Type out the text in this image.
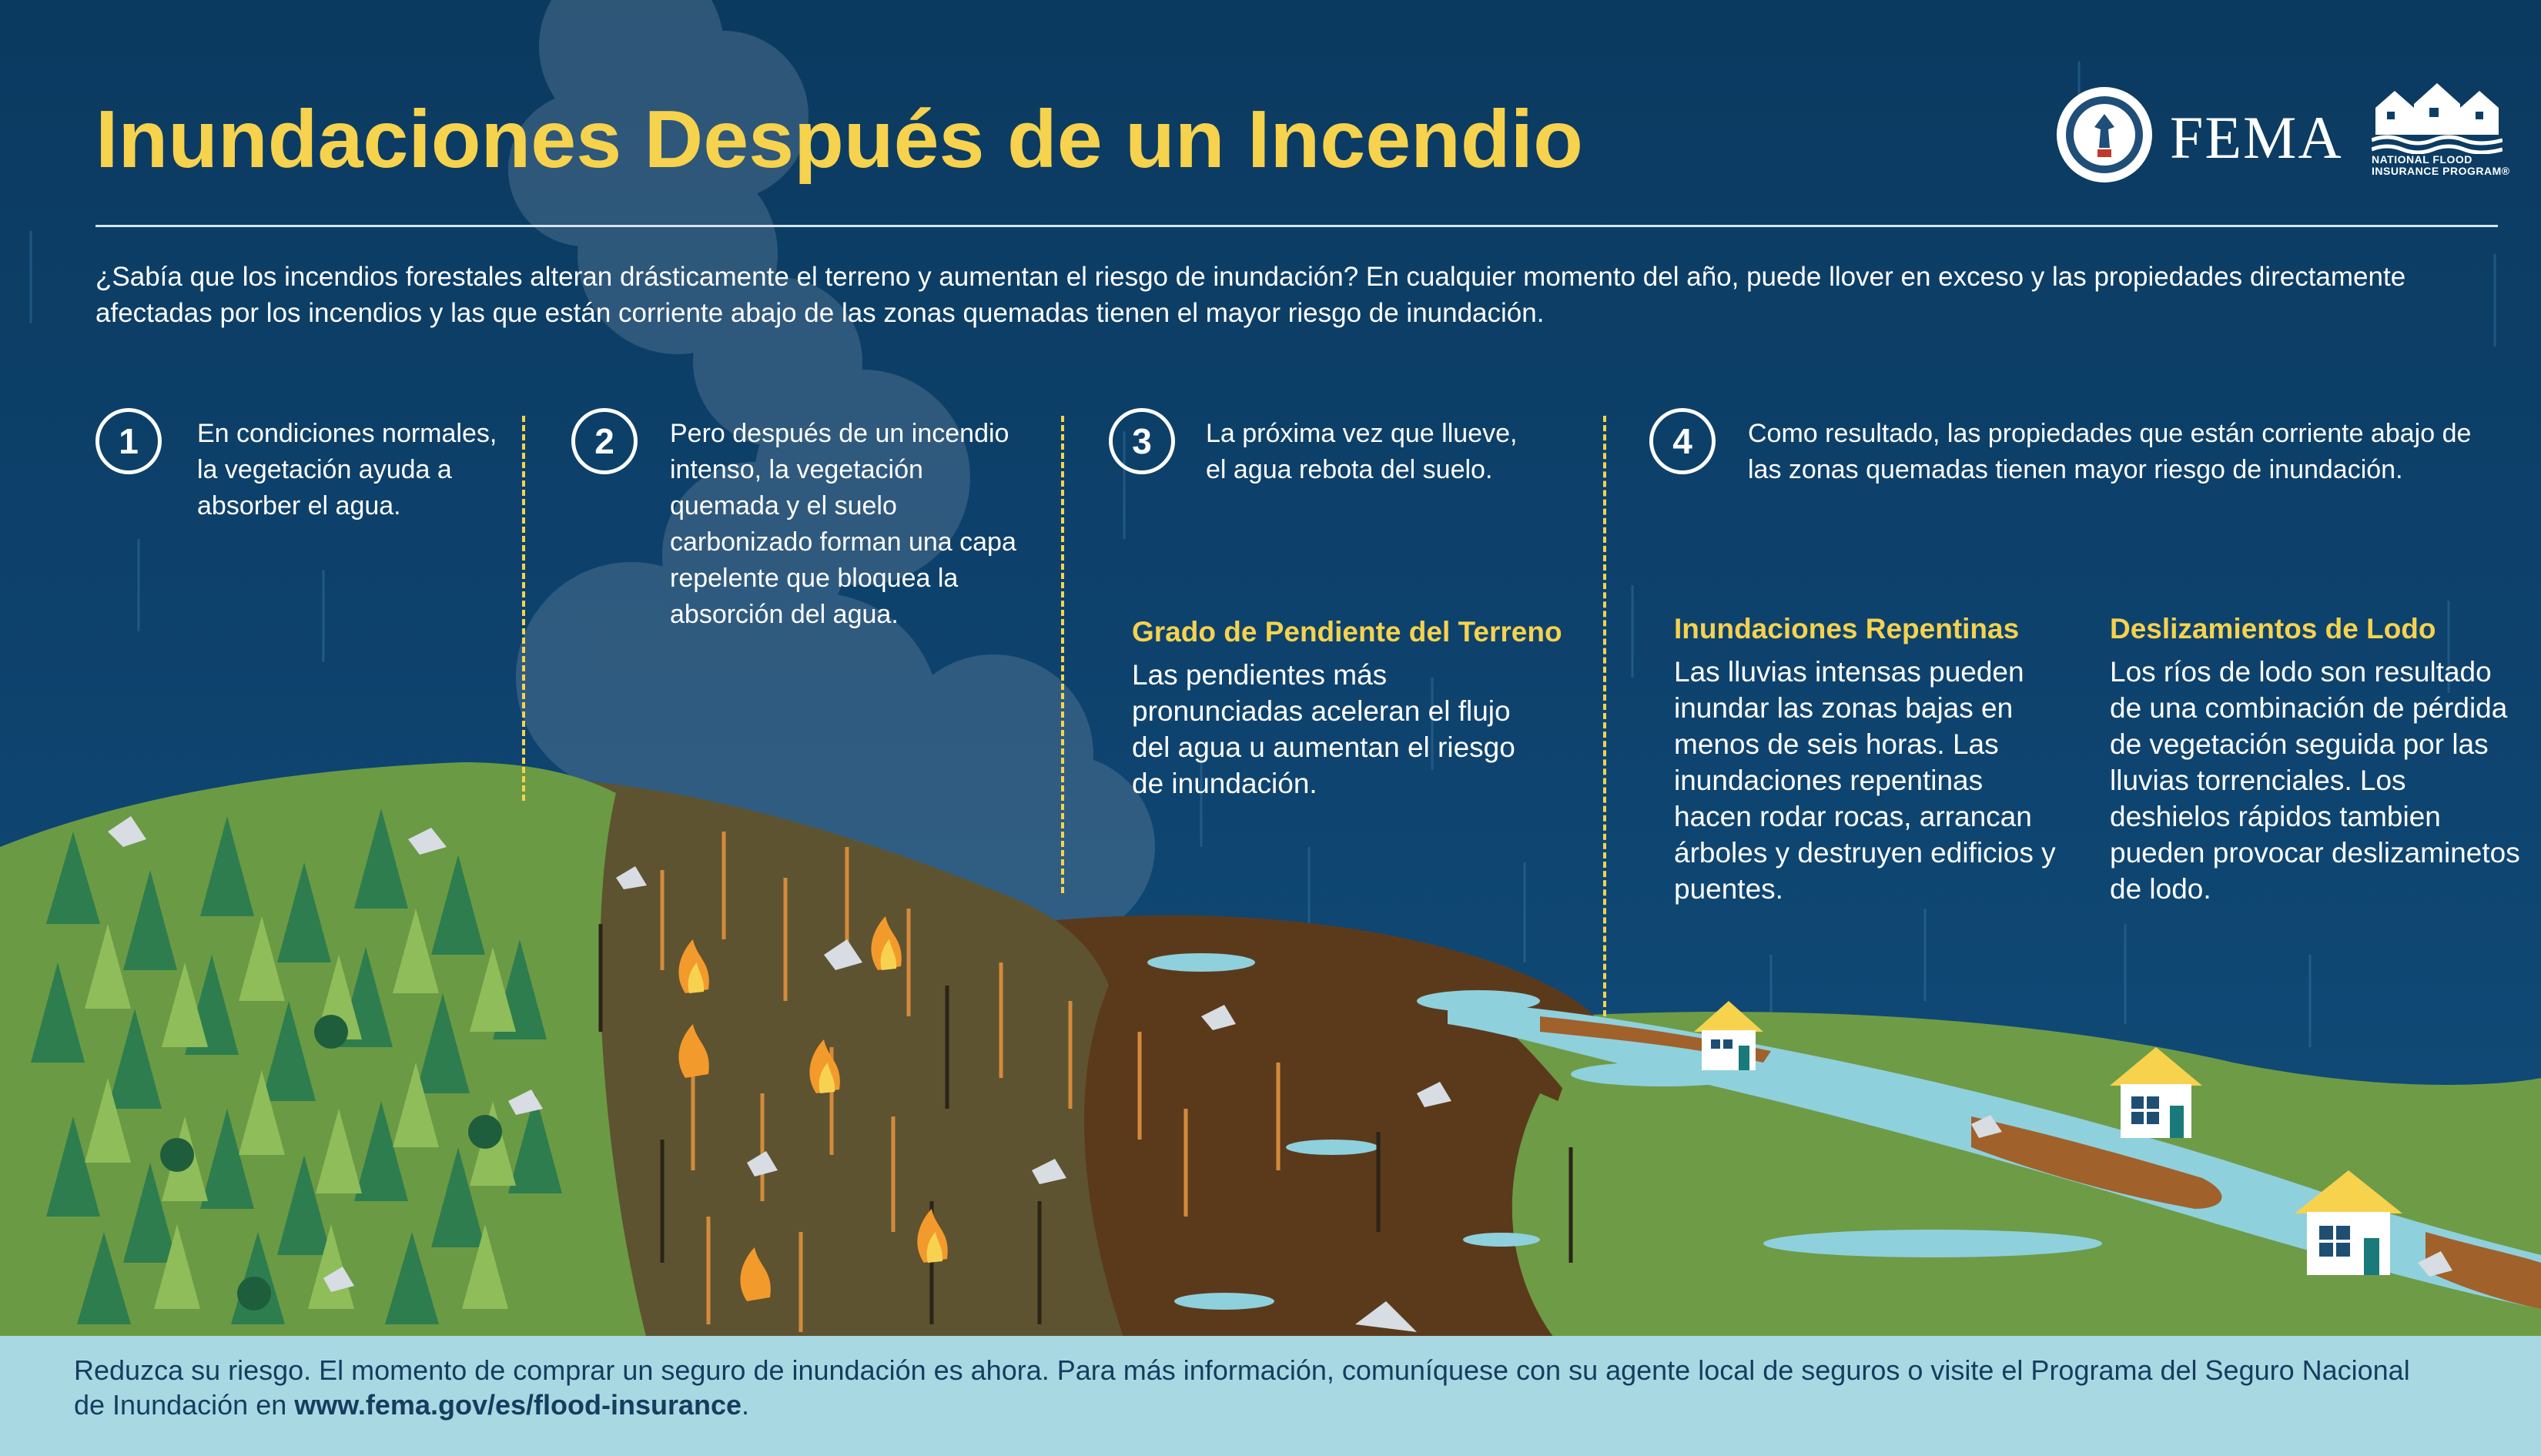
FEMA	NATIONAL FLOOD INSURANCE PROGRAM®
Inundaciones Después de un Incendio
¿Sabía que los incendios forestales alteran drásticamente el terreno y aumentan el riesgo de inundación? En cualquier momento del año, puede llover en exceso y las propiedades directamente afectadas por los incendios y las que están corriente abajo de las zonas quemadas tienen el mayor riesgo de inundación.
1	En condiciones normales, la vegetación ayuda a absorber el agua.
2	Pero después de un incendio intenso, la vegetación quemada y el suelo carbonizado forman una capa repelente que bloquea la absorción del agua.
3	La próxima vez que llueve, el agua rebota del suelo.
4	Como resultado, las propiedades que están corriente abajo de las zonas quemadas tienen mayor riesgo de inundación.
Grado de Pendiente del Terreno
Las pendientes más pronunciadas aceleran el flujo del agua u aumentan el riesgo de inundación.
Inundaciones Repentinas
Las lluvias intensas pueden inundar las zonas bajas en menos de seis horas. Las inundaciones repentinas hacen rodar rocas, arrancan árboles y destruyen edificios y puentes.
Deslizamientos de Lodo
Los ríos de lodo son resultado de una combinación de pérdida de vegetación seguida por las lluvias torrenciales. Los deshielos rápidos tambien pueden provocar deslizaminetos de lodo.
Reduzca su riesgo. El momento de comprar un seguro de inundación es ahora. Para más información, comuníquese con su agente local de seguros o visite el Programa del Seguro Nacional de Inundación en www.fema.gov/es/flood-insurance.
